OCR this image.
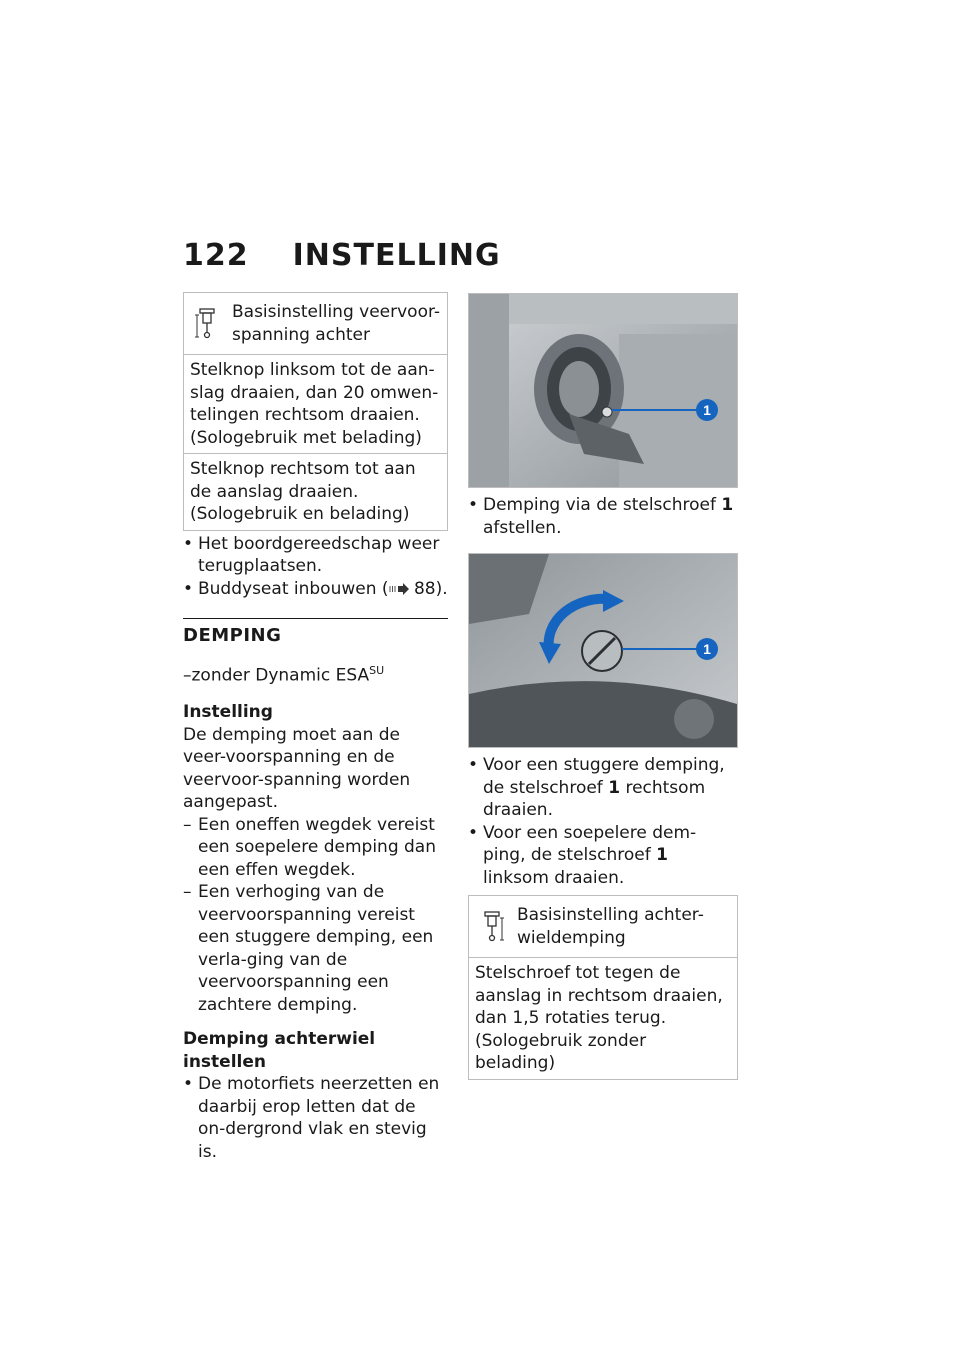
122 INSTELLING
Basisinstelling veervoor-spanning achter
Stelknop linksom tot de aan-slag draaien, dan 20 omwen-telingen rechtsom draaien. (Sologebruik met belading)
Stelknop rechtsom tot aan de aanslag draaien. (Sologebruik en belading)

• Het boordgereedschap weer terugplaatsen.

• Buddyseat inbouwen ( 88).

DEMPING

–zonder Dynamic $ESA^{SU}$

Instelling

De demping moet aan de veer-voorspanning en de veervoor-spanning worden aangepast.

– Een oneffen wegdek vereist een soepelere demping dan een effen wegdek.

– Een verhoging van de veervoorspanning vereist een stuggere demping, een verla-ging van de veervoorspanning een zachtere demping.

Demping achterwiel instellen

• De motorfiets neerzetten en daarbij erop letten dat de on-dergrond vlak en stevig is.

1

• Demping via de stelschroef 1 afstellen.

1

• Voor een stuggere demping, de stelschroef 1 rechtsom draaien.

• Voor een soepelere dem-ping, de stelschroef 1 linksom draaien.

Basisinstelling achter-wieldemping
Stelschroef tot tegen de aanslag in rechtsom draaien, dan 1,5 rotaties terug. (Sologebruik zonder belading)
